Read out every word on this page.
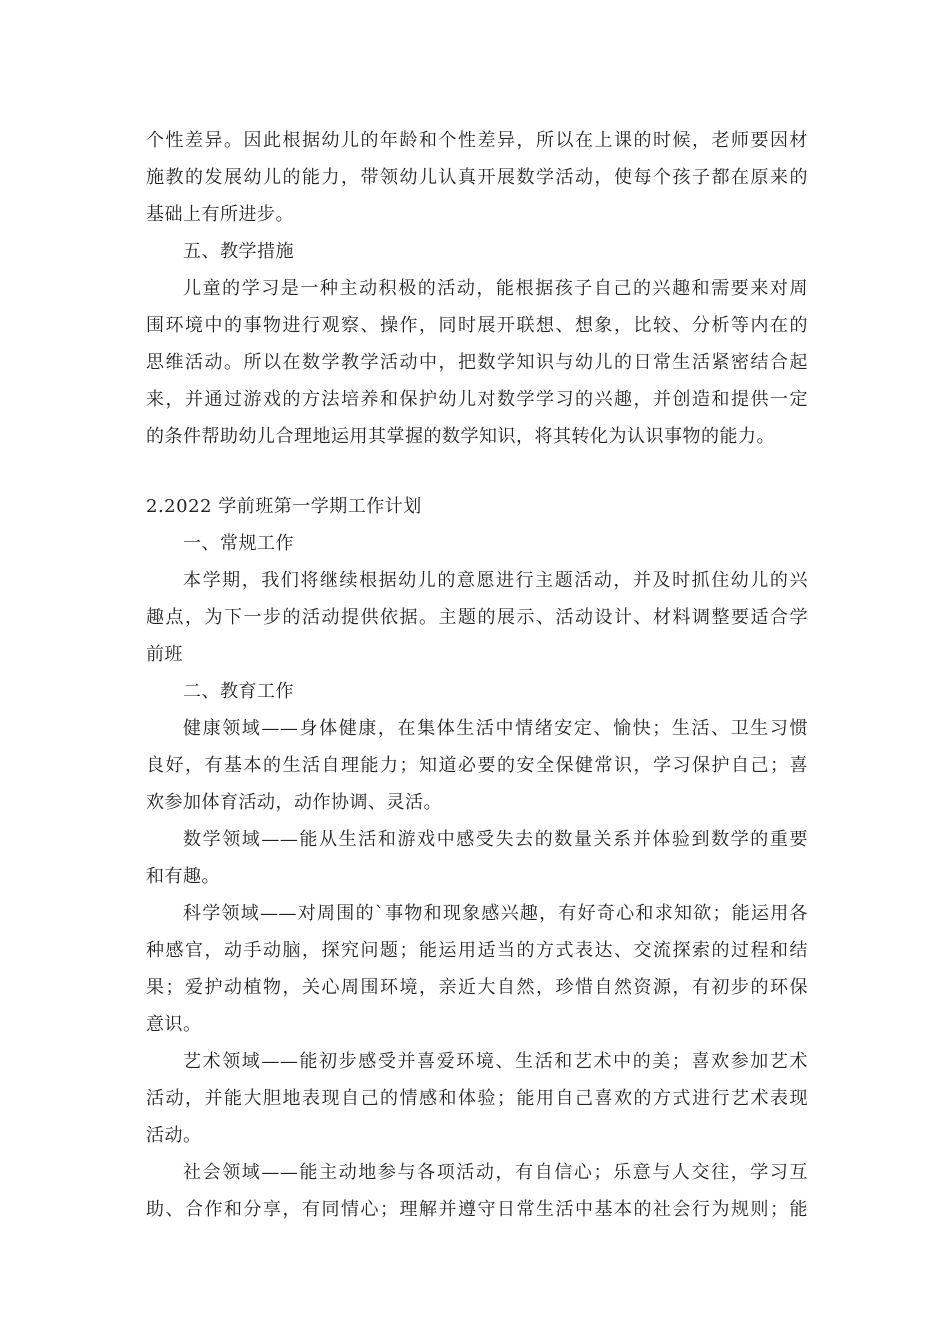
个性差异。因此根据幼儿的年龄和个性差异，所以在上课的时候，老师要因材
施教的发展幼儿的能力，带领幼儿认真开展数学活动，使每个孩子都在原来的
基础上有所进步。
五、教学措施
儿童的学习是一种主动积极的活动，能根据孩子自己的兴趣和需要来对周
围环境中的事物进行观察、操作，同时展开联想、想象，比较、分析等内在的
思维活动。所以在数学教学活动中，把数学知识与幼儿的日常生活紧密结合起
来，并通过游戏的方法培养和保护幼儿对数学学习的兴趣，并创造和提供一定
的条件帮助幼儿合理地运用其掌握的数学知识，将其转化为认识事物的能力。
2.2022 学前班第一学期工作计划
一、常规工作
本学期，我们将继续根据幼儿的意愿进行主题活动，并及时抓住幼儿的兴
趣点，为下一步的活动提供依据。主题的展示、活动设计、材料调整要适合学
前班
二、教育工作
健康领域——身体健康，在集体生活中情绪安定、愉快；生活、卫生习惯
良好，有基本的生活自理能力；知道必要的安全保健常识，学习保护自己；喜
欢参加体育活动，动作协调、灵活。
数学领域——能从生活和游戏中感受失去的数量关系并体验到数学的重要
和有趣。
科学领域——对周围的`事物和现象感兴趣，有好奇心和求知欲；能运用各
种感官，动手动脑，探究问题；能运用适当的方式表达、交流探索的过程和结
果；爱护动植物，关心周围环境，亲近大自然，珍惜自然资源，有初步的环保
意识。
艺术领域——能初步感受并喜爱环境、生活和艺术中的美；喜欢参加艺术
活动，并能大胆地表现自己的情感和体验；能用自己喜欢的方式进行艺术表现
活动。
社会领域——能主动地参与各项活动，有自信心；乐意与人交往，学习互
助、合作和分享，有同情心；理解并遵守日常生活中基本的社会行为规则；能
